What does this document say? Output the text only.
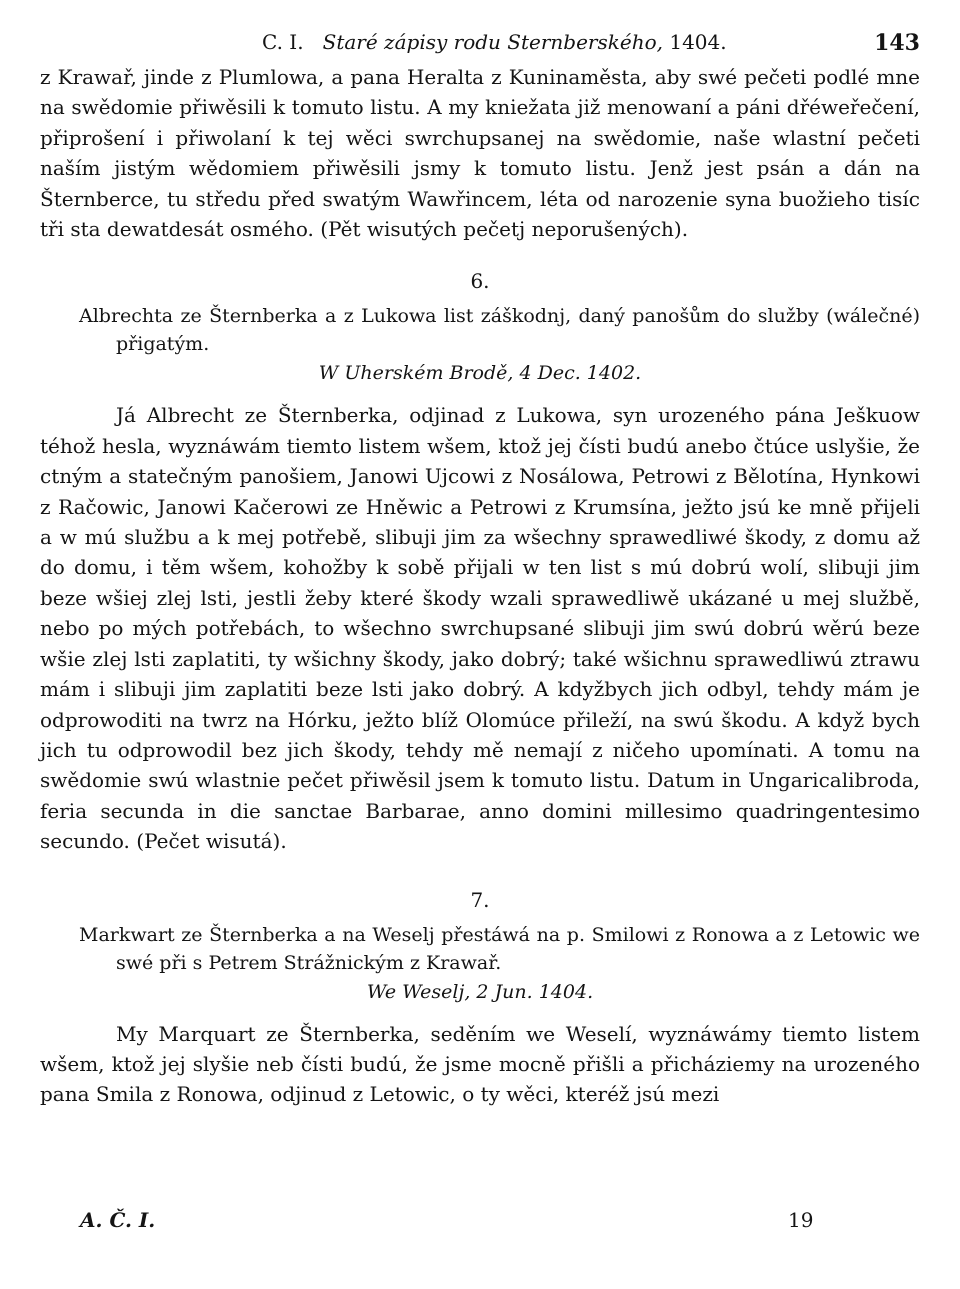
C. I. Staré zápisy rodu Sternberského, 1404.	143

z Krawař, jinde z Plumlowa, a pana Heralta z Kuninaměsta, aby swé pečeti podlé mne na swědomie přiwěsili k tomuto listu. A my kniežata již menowaní a páni dřéweřečení, připrošení i přiwolaní k tej wěci swrchupsanej na swědomie, naše wlastní pečeti naším jistým wědomiem přiwěsili jsmy k tomuto listu. Jenž jest psán a dán na Šternberce, tu středu před swatým Wawřincem, léta od narozenie syna buožieho tisíc tři sta dewatdesát osmého. (Pět wisutých pečetj neporušených).

6.

Albrechta ze Šternberka a z Lukowa list záškodnj, daný panošům do služby (wálečné) přigatým.

W Uherském Brodě, 4 Dec. 1402.

Já Albrecht ze Šternberka, odjinad z Lukowa, syn urozeného pána Ješkuow téhož hesla, wyznáwám tiemto listem wšem, ktož jej čísti budú anebo čtúce uslyšie, že ctným a statečným panošiem, Janowi Ujcowi z Nosálowa, Petrowi z Bělotína, Hynkowi z Račowic, Janowi Kačerowi ze Hněwic a Petrowi z Krumsína, ježto jsú ke mně přijeli a w mú službu a k mej potřebě, slibuji jim za wšechny sprawedliwé škody, z domu až do domu, i těm wšem, kohožby k sobě přijali w ten list s mú dobrú wolí, slibuji jim beze wšiej zlej lsti, jestli žeby které škody wzali sprawedliwě ukázané u mej službě, nebo po mých potřebách, to wšechno swrchupsané slibuji jim swú dobrú wěrú beze wšie zlej lsti zaplatiti, ty wšichny škody, jako dobrý; také wšichnu sprawedliwú ztrawu mám i slibuji jim zaplatiti beze lsti jako dobrý. A kdyžbych jich odbyl, tehdy mám je odprowoditi na twrz na Hórku, ježto blíž Olomúce přileží, na swú škodu. A když bych jich tu odprowodil bez jich škody, tehdy mě nemají z ničeho upomínati. A tomu na swědomie swú wlastnie pečet přiwěsil jsem k tomuto listu. Datum in Ungaricalibroda, feria secunda in die sanctae Barbarae, anno domini millesimo quadringentesimo secundo. (Pečet wisutá).

7.

Markwart ze Šternberka a na Weselj přestáwá na p. Smilowi z Ronowa a z Letowic we swé při s Petrem Strážnickým z Krawař.

We Weselj, 2 Jun. 1404.

My Marquart ze Šternberka, seděním we Weselí, wyznáwámy tiemto listem wšem, ktož jej slyšie neb čísti budú, že jsme mocně přišli a přicháziemy na urozeného pana Smila z Ronowa, odjinud z Letowic, o ty wěci, kteréž jsú mezi

A. Č. I.	19
